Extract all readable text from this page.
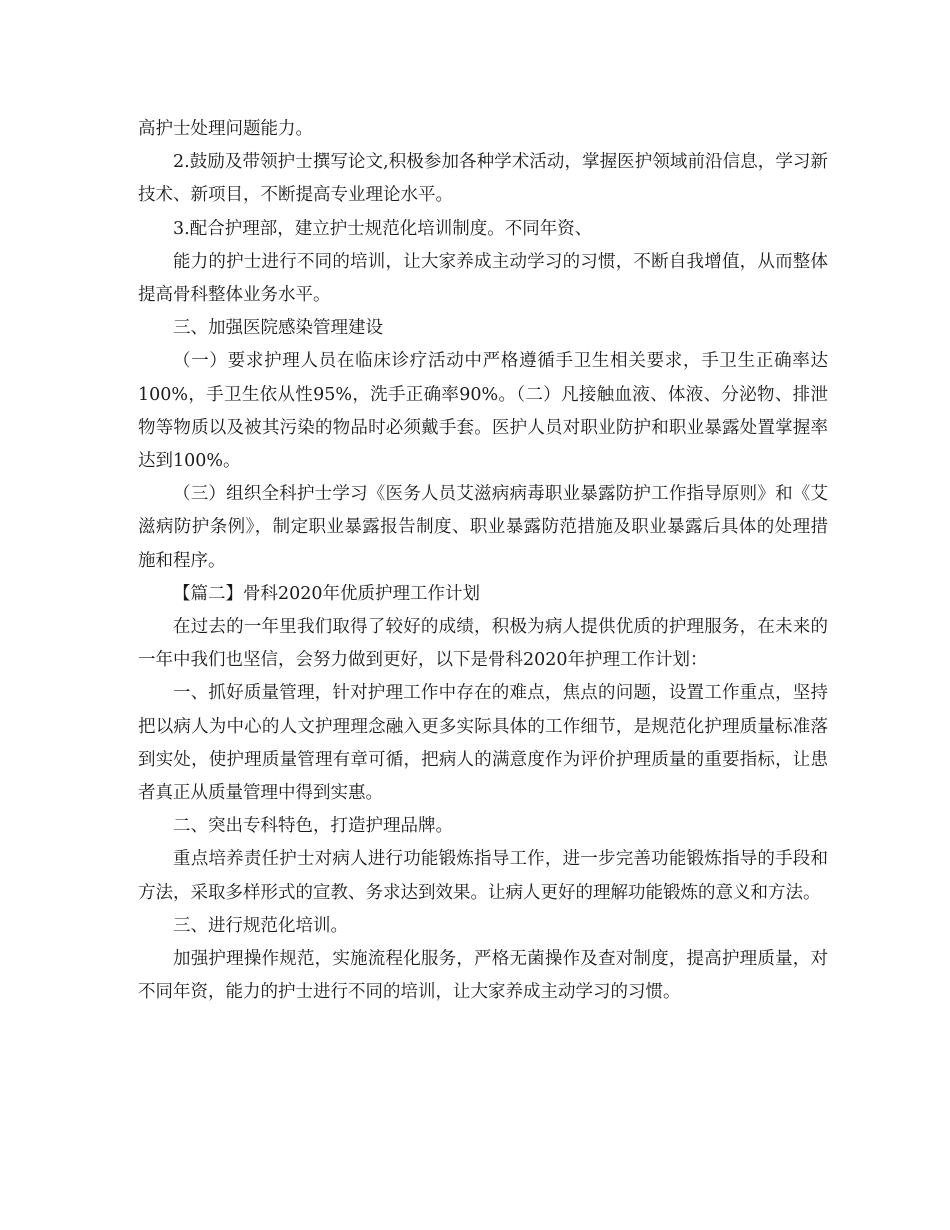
高护士处理问题能力。

2.鼓励及带领护士撰写论文,积极参加各种学术活动，掌握医护领域前沿信息，学习新技术、新项目，不断提高专业理论水平。

3.配合护理部，建立护士规范化培训制度。不同年资、

能力的护士进行不同的培训，让大家养成主动学习的习惯，不断自我增值，从而整体提高骨科整体业务水平。

三、加强医院感染管理建设

（一）要求护理人员在临床诊疗活动中严格遵循手卫生相关要求，手卫生正确率达100%，手卫生依从性95%，洗手正确率90%。（二）凡接触血液、体液、分泌物、排泄物等物质以及被其污染的物品时必须戴手套。医护人员对职业防护和职业暴露处置掌握率达到100%。

（三）组织全科护士学习《医务人员艾滋病病毒职业暴露防护工作指导原则》和《艾滋病防护条例》，制定职业暴露报告制度、职业暴露防范措施及职业暴露后具体的处理措施和程序。

【篇二】骨科2020年优质护理工作计划

在过去的一年里我们取得了较好的成绩，积极为病人提供优质的护理服务，在未来的一年中我们也坚信，会努力做到更好，以下是骨科2020年护理工作计划：

一、抓好质量管理，针对护理工作中存在的难点，焦点的问题，设置工作重点，坚持把以病人为中心的人文护理理念融入更多实际具体的工作细节，是规范化护理质量标准落到实处，使护理质量管理有章可循，把病人的满意度作为评价护理质量的重要指标，让患者真正从质量管理中得到实惠。

二、突出专科特色，打造护理品牌。

重点培养责任护士对病人进行功能锻炼指导工作，进一步完善功能锻炼指导的手段和方法，采取多样形式的宣教、务求达到效果。让病人更好的理解功能锻炼的意义和方法。

三、进行规范化培训。

加强护理操作规范，实施流程化服务，严格无菌操作及查对制度，提高护理质量，对不同年资，能力的护士进行不同的培训，让大家养成主动学习的习惯。
